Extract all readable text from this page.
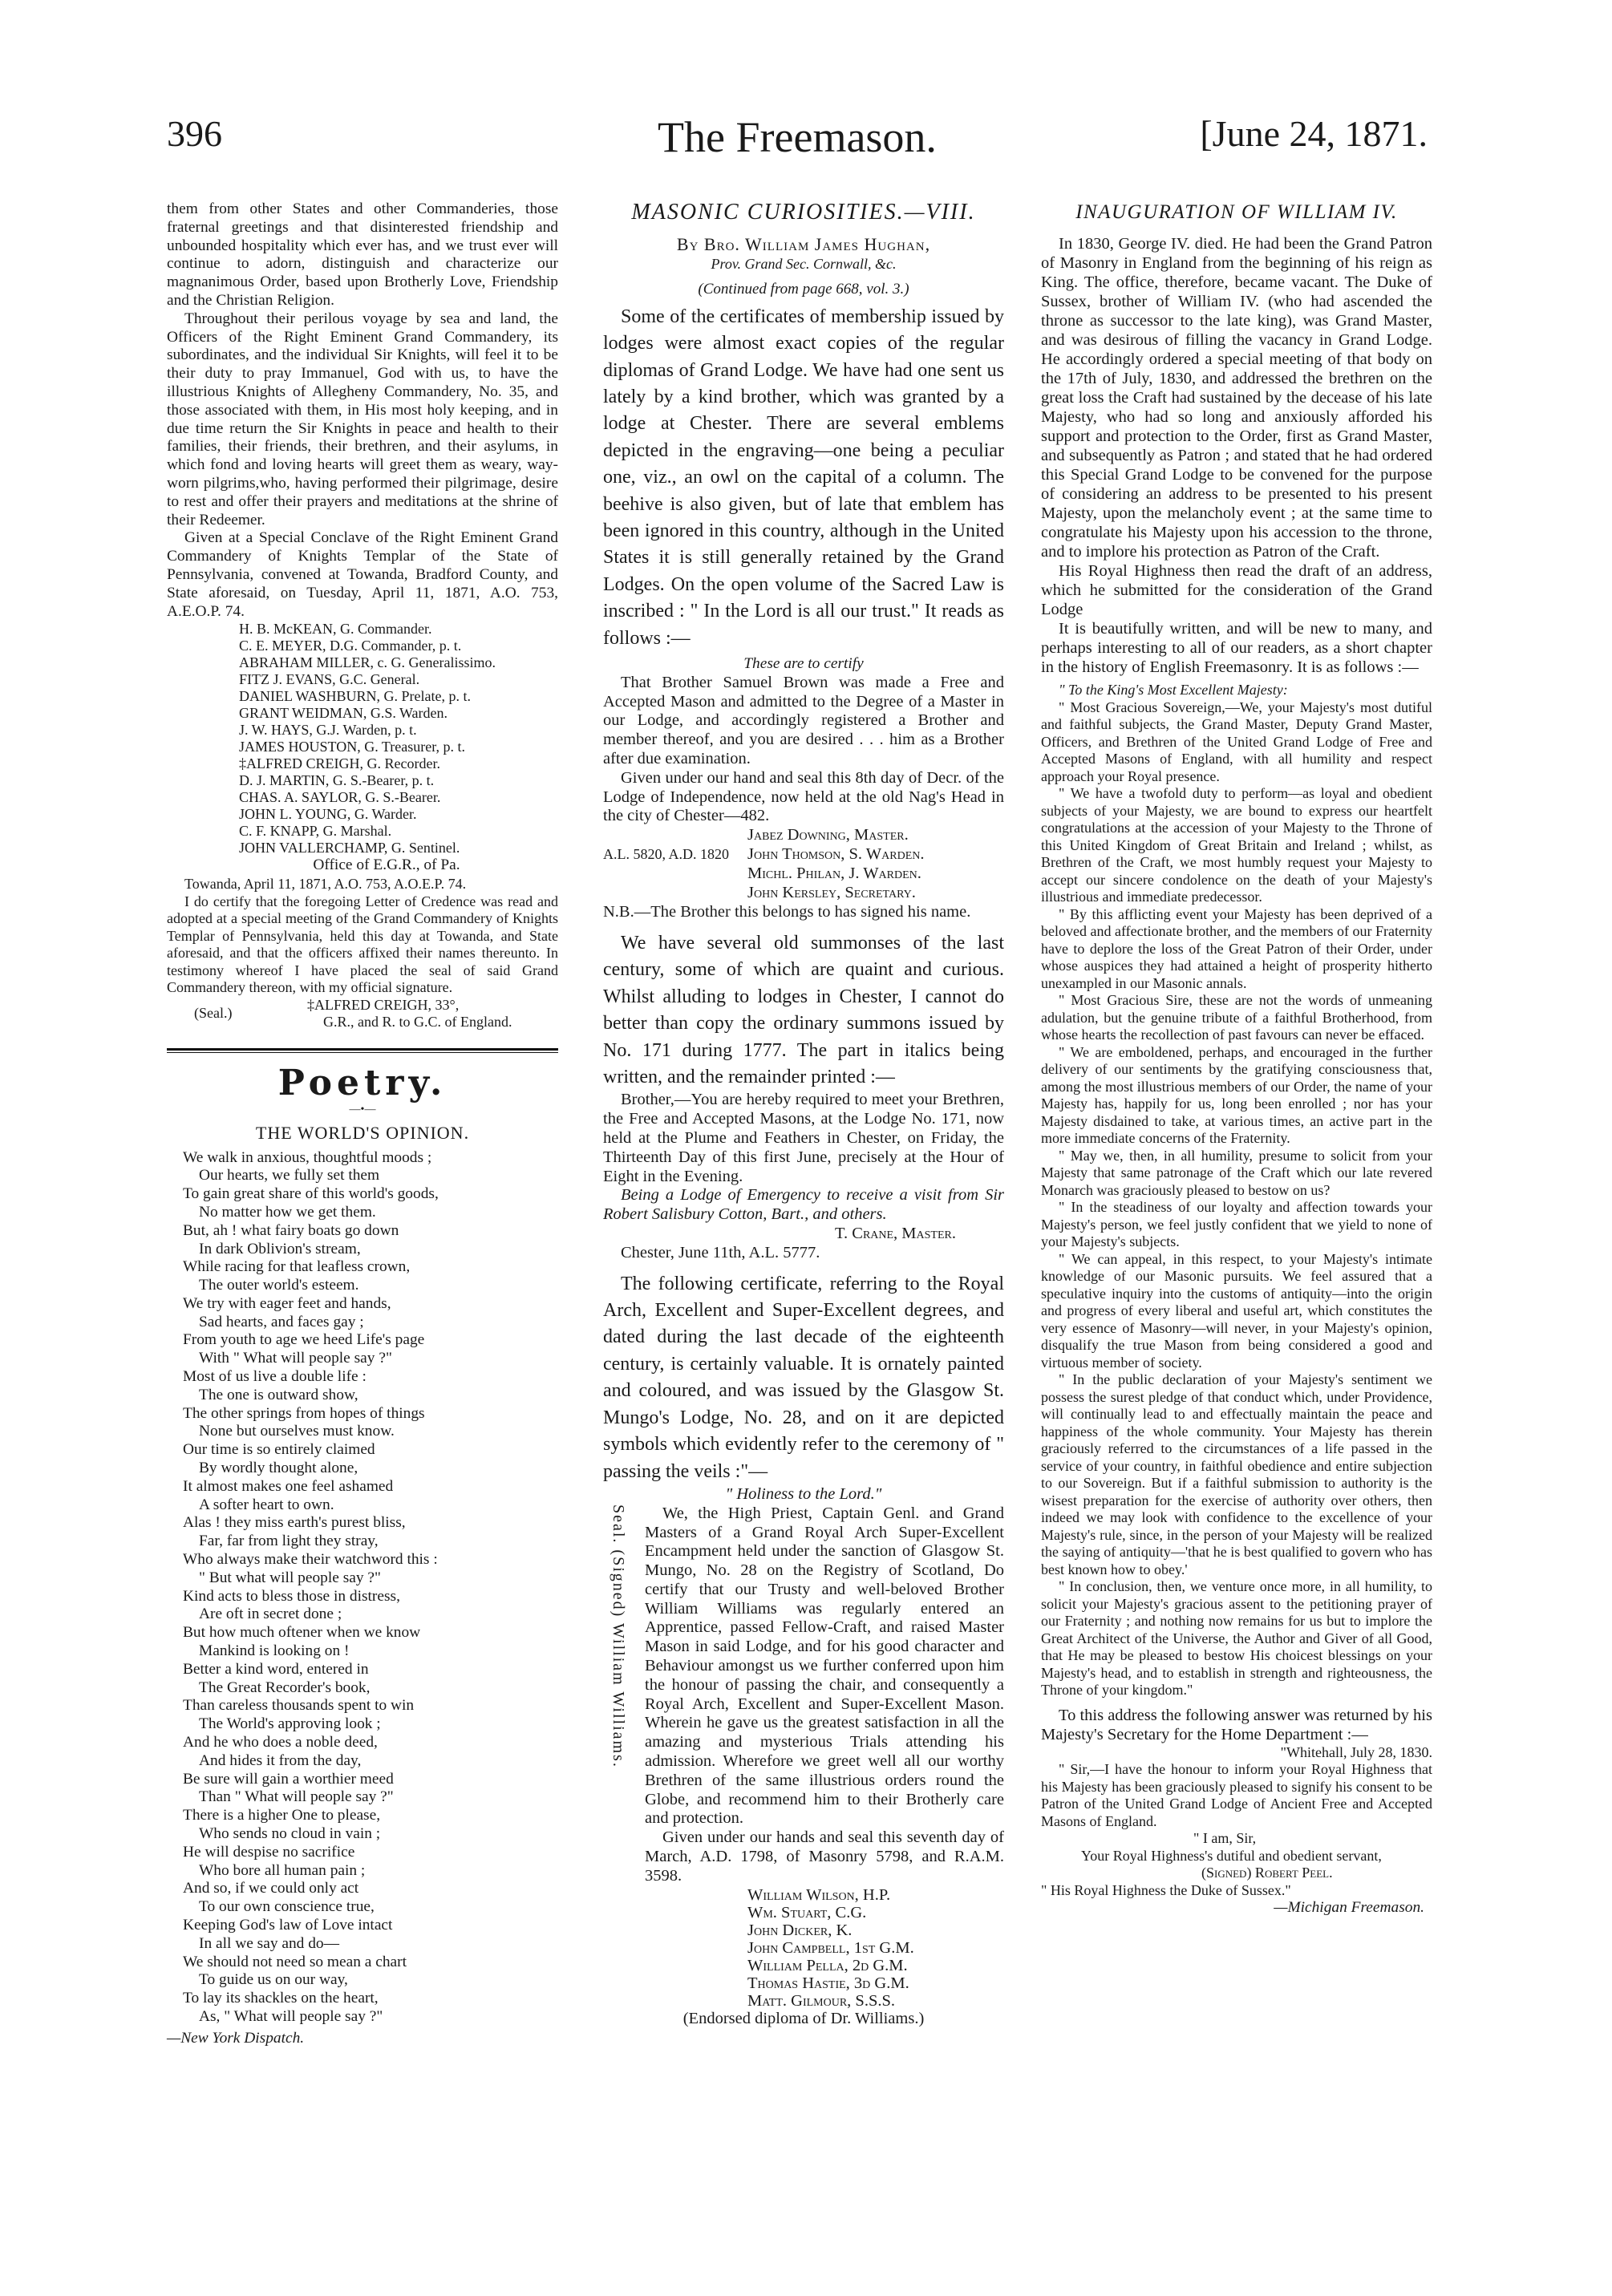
396	The Freemason.	[June 24, 1871.

them from other States and other Commanderies, those fraternal greetings and that disinterested friendship and unbounded hospitality which ever has, and we trust ever will continue to adorn, distinguish and characterize our magnanimous Order, based upon Brotherly Love, Friendship and the Christian Religion.

Throughout their perilous voyage by sea and land, the Officers of the Right Eminent Grand Commandery, its subordinates, and the individual Sir Knights, will feel it to be their duty to pray Immanuel, God with us, to have the illustrious Knights of Allegheny Commandery, No. 35, and those associated with them, in His most holy keeping, and in due time return the Sir Knights in peace and health to their families, their friends, their brethren, and their asylums, in which fond and loving hearts will greet them as weary, way-worn pilgrims,who, having performed their pilgrimage, desire to rest and offer their prayers and meditations at the shrine of their Redeemer.

Given at a Special Conclave of the Right Eminent Grand Commandery of Knights Templar of the State of Pennsylvania, convened at Towanda, Bradford County, and State aforesaid, on Tuesday, April 11, 1871, A.O. 753, A.E.O.P. 74.

H. B. McKEAN, G. Commander.

C. E. MEYER, D.G. Commander, p. t.

ABRAHAM MILLER, c. G. Generalissimo.

FITZ J. EVANS, G.C. General.

DANIEL WASHBURN, G. Prelate, p. t.

GRANT WEIDMAN, G.S. Warden.

J. W. HAYS, G.J. Warden, p. t.

JAMES HOUSTON, G. Treasurer, p. t.

‡ALFRED CREIGH, G. Recorder.

D. J. MARTIN, G. S.-Bearer, p. t.

CHAS. A. SAYLOR, G. S.-Bearer.

JOHN L. YOUNG, G. Warder.

C. F. KNAPP, G. Marshal.

JOHN VALLERCHAMP, G. Sentinel.

Office of E.G.R., of Pa.

Towanda, April 11, 1871, A.O. 753, A.O.E.P. 74.

I do certify that the foregoing Letter of Credence was read and adopted at a special meeting of the Grand Commandery of Knights Templar of Pennsylvania, held this day at Towanda, and State aforesaid, and that the officers affixed their names thereunto. In testimony whereof I have placed the seal of said Grand Commandery thereon, with my official signature.

(Seal.)	‡ALFRED CREIGH, 33°,
G.R., and R. to G.C. of England.
Poetry.
—•—
THE WORLD'S OPINION.

We walk in anxious, thoughtful moods ;

Our hearts, we fully set them

To gain great share of this world's goods,

No matter how we get them.

But, ah ! what fairy boats go down

In dark Oblivion's stream,

While racing for that leafless crown,

The outer world's esteem.

We try with eager feet and hands,

Sad hearts, and faces gay ;

From youth to age we heed Life's page

With " What will people say ?"

Most of us live a double life :

The one is outward show,

The other springs from hopes of things

None but ourselves must know.

Our time is so entirely claimed

By wordly thought alone,

It almost makes one feel ashamed

A softer heart to own.

Alas ! they miss earth's purest bliss,

Far, far from light they stray,

Who always make their watchword this :

" But what will people say ?"

Kind acts to bless those in distress,

Are oft in secret done ;

But how much oftener when we know

Mankind is looking on !

Better a kind word, entered in

The Great Recorder's book,

Than careless thousands spent to win

The World's approving look ;

And he who does a noble deed,

And hides it from the day,

Be sure will gain a worthier meed

Than " What will people say ?"

There is a higher One to please,

Who sends no cloud in vain ;

He will despise no sacrifice

Who bore all human pain ;

And so, if we could only act

To our own conscience true,

Keeping God's law of Love intact

In all we say and do—

We should not need so mean a chart

To guide us on our way,

To lay its shackles on the heart,

As, " What will people say ?"

—New York Dispatch.

MASONIC CURIOSITIES.—VIII.
By Bro. William James Hughan,
Prov. Grand Sec. Cornwall, &c.
(Continued from page 668, vol. 3.)

Some of the certificates of membership issued by lodges were almost exact copies of the regular diplomas of Grand Lodge. We have had one sent us lately by a kind brother, which was granted by a lodge at Chester. There are several emblems depicted in the engraving—one being a peculiar one, viz., an owl on the capital of a column. The beehive is also given, but of late that emblem has been ignored in this country, although in the United States it is still generally retained by the Grand Lodges. On the open volume of the Sacred Law is inscribed : " In the Lord is all our trust." It reads as follows :—

These are to certify

That Brother Samuel Brown was made a Free and Accepted Mason and admitted to the Degree of a Master in our Lodge, and accordingly registered a Brother and member thereof, and you are desired . . . him as a Brother after due examination.

Given under our hand and seal this 8th day of Decr. of the Lodge of Independence, now held at the old Nag's Head in the city of Chester—482.

Jabez Downing, Master.
A.L. 5820, A.D. 1820 John Thomson, S. Warden.
Michl. Philan, J. Warden.
John Kersley, Secretary.

N.B.—The Brother this belongs to has signed his name.

We have several old summonses of the last century, some of which are quaint and curious. Whilst alluding to lodges in Chester, I cannot do better than copy the ordinary summons issued by No. 171 during 1777. The part in italics being written, and the remainder printed :—

Brother,—You are hereby required to meet your Brethren, the Free and Accepted Masons, at the Lodge No. 171, now held at the Plume and Feathers in Chester, on Friday, the Thirteenth Day of this first June, precisely at the Hour of Eight in the Evening.

Being a Lodge of Emergency to receive a visit from Sir Robert Salisbury Cotton, Bart., and others.

T. Crane, Master.

Chester, June 11th, A.L. 5777.

The following certificate, referring to the Royal Arch, Excellent and Super-Excellent degrees, and dated during the last decade of the eighteenth century, is certainly valuable. It is ornately painted and coloured, and was issued by the Glasgow St. Mungo's Lodge, No. 28, and on it are depicted symbols which evidently refer to the ceremony of " passing the veils :"—

" Holiness to the Lord."
Seal. (Signed) William Williams.	We, the High Priest, Captain Genl. and Grand Masters of a Grand Royal Arch Super-Excellent Encampment held under the sanction of Glasgow St. Mungo, No. 28 on the Registry of Scotland, Do certify that our Trusty and well-beloved Brother William Williams was regularly entered an Apprentice, passed Fellow-Craft, and raised Master Mason in said Lodge, and for his good character and Behaviour amongst us we further conferred upon him the honour of passing the chair, and consequently a Royal Arch, Excellent and Super-Excellent Mason. Wherein he gave us the greatest satisfaction in all the amazing and mysterious Trials attending his admission. Wherefore we greet well all our worthy Brethren of the same illustrious orders round the Globe, and recommend him to their Brotherly care and protection.

Given under our hands and seal this seventh day of March, A.D. 1798, of Masonry 5798, and R.A.M. 3598.

William Wilson, H.P.
Wm. Stuart, C.G.
John Dicker, K.
John Campbell, 1st G.M.
William Pella, 2d G.M.
Thomas Hastie, 3d G.M.
Matt. Gilmour, S.S.S.
(Endorsed diploma of Dr. Williams.)
INAUGURATION OF WILLIAM IV.

In 1830, George IV. died. He had been the Grand Patron of Masonry in England from the beginning of his reign as King. The office, therefore, became vacant. The Duke of Sussex, brother of William IV. (who had ascended the throne as successor to the late king), was Grand Master, and was desirous of filling the vacancy in Grand Lodge. He accordingly ordered a special meeting of that body on the 17th of July, 1830, and addressed the brethren on the great loss the Craft had sustained by the decease of his late Majesty, who had so long and anxiously afforded his support and protection to the Order, first as Grand Master, and subsequently as Patron ; and stated that he had ordered this Special Grand Lodge to be convened for the purpose of considering an address to be presented to his present Majesty, upon the melancholy event ; at the same time to congratulate his Majesty upon his accession to the throne, and to implore his protection as Patron of the Craft.

His Royal Highness then read the draft of an address, which he submitted for the consideration of the Grand Lodge

It is beautifully written, and will be new to many, and perhaps interesting to all of our readers, as a short chapter in the history of English Freemasonry. It is as follows :—

" To the King's Most Excellent Majesty:

" Most Gracious Sovereign,—We, your Majesty's most dutiful and faithful subjects, the Grand Master, Deputy Grand Master, Officers, and Brethren of the United Grand Lodge of Free and Accepted Masons of England, with all humility and respect approach your Royal presence.

" We have a twofold duty to perform—as loyal and obedient subjects of your Majesty, we are bound to express our heartfelt congratulations at the accession of your Majesty to the Throne of this United Kingdom of Great Britain and Ireland ; whilst, as Brethren of the Craft, we most humbly request your Majesty to accept our sincere condolence on the death of your Majesty's illustrious and immediate predecessor.

" By this afflicting event your Majesty has been deprived of a beloved and affectionate brother, and the members of our Fraternity have to deplore the loss of the Great Patron of their Order, under whose auspices they had attained a height of prosperity hitherto unexampled in our Masonic annals.

" Most Gracious Sire, these are not the words of unmeaning adulation, but the genuine tribute of a faithful Brotherhood, from whose hearts the recollection of past favours can never be effaced.

" We are emboldened, perhaps, and encouraged in the further delivery of our sentiments by the gratifying consciousness that, among the most illustrious members of our Order, the name of your Majesty has, happily for us, long been enrolled ; nor has your Majesty disdained to take, at various times, an active part in the more immediate concerns of the Fraternity.

" May we, then, in all humility, presume to solicit from your Majesty that same patronage of the Craft which our late revered Monarch was graciously pleased to bestow on us?

" In the steadiness of our loyalty and affection towards your Majesty's person, we feel justly confident that we yield to none of your Majesty's subjects.

" We can appeal, in this respect, to your Majesty's intimate knowledge of our Masonic pursuits. We feel assured that a speculative inquiry into the customs of antiquity—into the origin and progress of every liberal and useful art, which constitutes the very essence of Masonry—will never, in your Majesty's opinion, disqualify the true Mason from being considered a good and virtuous member of society.

" In the public declaration of your Majesty's sentiment we possess the surest pledge of that conduct which, under Providence, will continually lead to and effectually maintain the peace and happiness of the whole community. Your Majesty has therein graciously referred to the circumstances of a life passed in the service of your country, in faithful obedience and entire subjection to our Sovereign. But if a faithful submission to authority is the wisest preparation for the exercise of authority over others, then indeed we may look with confidence to the excellence of your Majesty's rule, since, in the person of your Majesty will be realized the saying of antiquity—'that he is best qualified to govern who has best known how to obey.'

" In conclusion, then, we venture once more, in all humility, to solicit your Majesty's gracious assent to the petitioning prayer of our Fraternity ; and nothing now remains for us but to implore the Great Architect of the Universe, the Author and Giver of all Good, that He may be pleased to bestow His choicest blessings on your Majesty's head, and to establish in strength and righteousness, the Throne of your kingdom."

To this address the following answer was returned by his Majesty's Secretary for the Home Department :—

"Whitehall, July 28, 1830.

" Sir,—I have the honour to inform your Royal Highness that his Majesty has been graciously pleased to signify his consent to be Patron of the United Grand Lodge of Ancient Free and Accepted Masons of England.

" I am, Sir,

Your Royal Highness's dutiful and obedient servant,

(Signed) Robert Peel.

" His Royal Highness the Duke of Sussex."

—Michigan Freemason.
